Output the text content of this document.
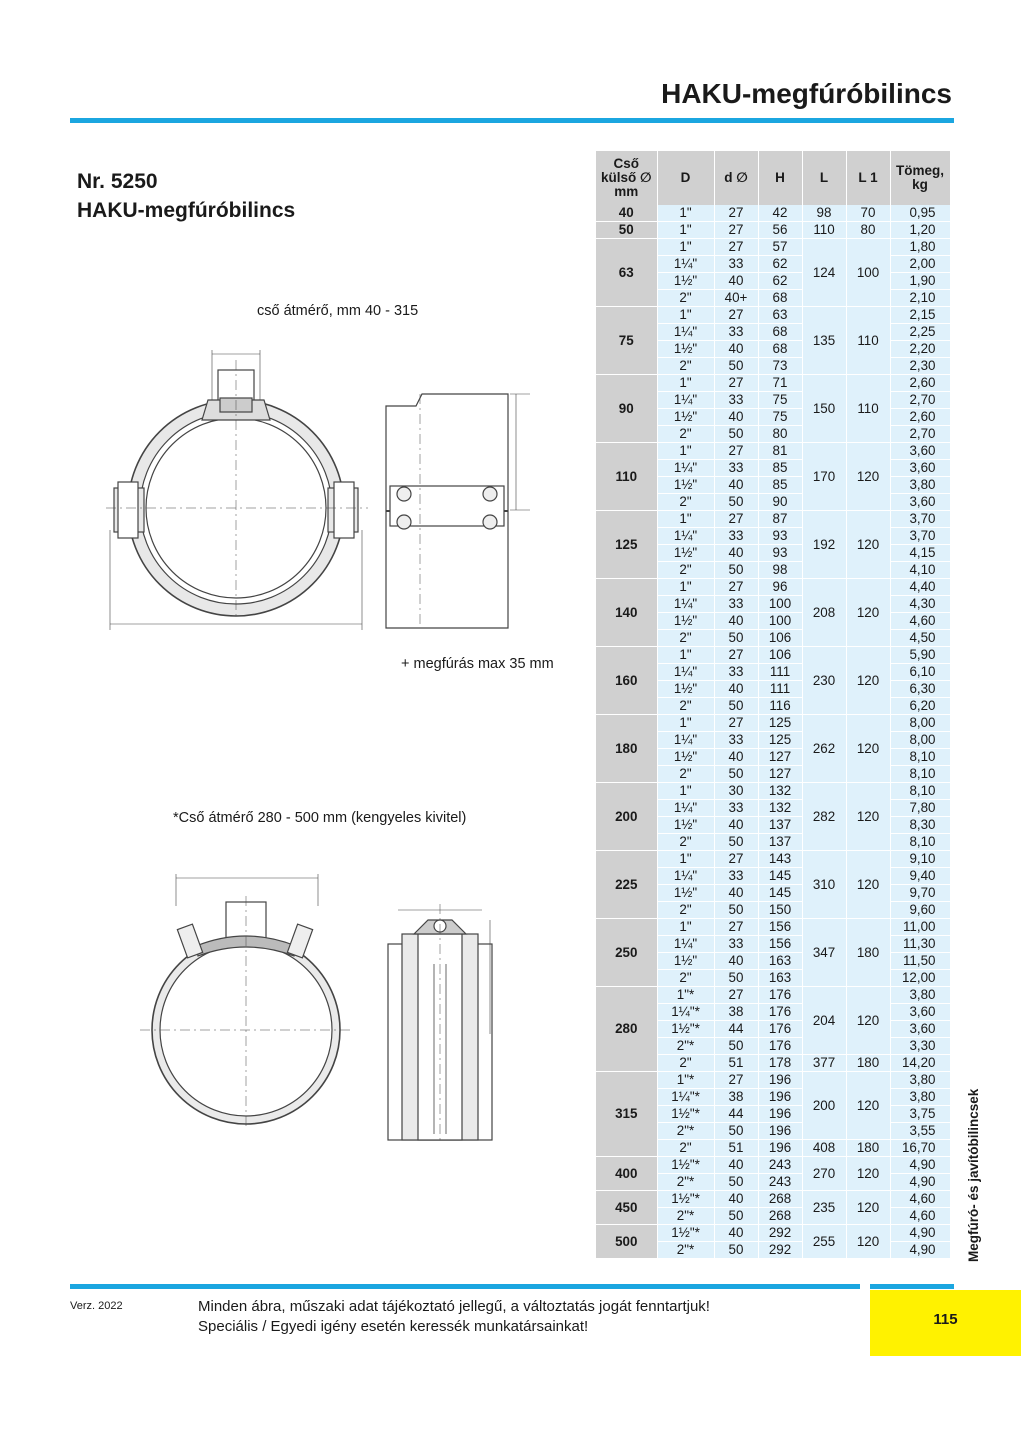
HAKU-megfúróbilincs
Nr. 5250
HAKU-megfúróbilincs
cső átmérő, mm 40 - 315
+ megfúrás max 35 mm
*Cső átmérő 280 - 500 mm (kengyeles kivitel)
Cső külső ∅ mm	D	d ∅	H	L	L 1	Tömeg, kg
40	1"	27	42	98	70	0,95
50	1"	27	56	110	80	1,20
63	1"	27	57	124	100	1,80
	1¼"	33	62			2,00
	1½"	40	62			1,90
	2"	40+	68			2,10
75	1"	27	63	135	110	2,15
	1¼"	33	68			2,25
	1½"	40	68			2,20
	2"	50	73			2,30
90	1"	27	71	150	110	2,60
	1¼"	33	75			2,70
	1½"	40	75			2,60
	2"	50	80			2,70
110	1"	27	81	170	120	3,60
	1¼"	33	85			3,60
	1½"	40	85			3,80
	2"	50	90			3,60
125	1"	27	87	192	120	3,70
	1¼"	33	93			3,70
	1½"	40	93			4,15
	2"	50	98			4,10
140	1"	27	96	208	120	4,40
	1¼"	33	100			4,30
	1½"	40	100			4,60
	2"	50	106			4,50
160	1"	27	106	230	120	5,90
	1¼"	33	111			6,10
	1½"	40	111			6,30
	2"	50	116			6,20
180	1"	27	125	262	120	8,00
	1¼"	33	125			8,00
	1½"	40	127			8,10
	2"	50	127			8,10
200	1"	30	132	282	120	8,10
	1¼"	33	132			7,80
	1½"	40	137			8,30
	2"	50	137			8,10
225	1"	27	143	310	120	9,10
	1¼"	33	145			9,40
	1½"	40	145			9,70
	2"	50	150			9,60
250	1"	27	156	347	180	11,00
	1¼"	33	156			11,30
	1½"	40	163			11,50
	2"	50	163			12,00
280	1"*	27	176	204	120	3,80
	1¼"*	38	176			3,60
	1½"*	44	176			3,60
	2"*	50	176			3,30
	2"	51	178	377	180	14,20
315	1"*	27	196	200	120	3,80
	1¼"*	38	196			3,80
	1½"*	44	196			3,75
	2"*	50	196			3,55
	2"	51	196	408	180	16,70
400	1½"*	40	243	270	120	4,90
	2"*	50	243			4,90
450	1½"*	40	268	235	120	4,60
	2"*	50	268			4,60
500	1½"*	40	292	255	120	4,90
	2"*	50	292			4,90 Megfúró- és javítóbilincsek
115
Verz. 2022	Minden ábra, műszaki adat tájékoztató jellegű, a változtatás jogát fenntartjuk!
Speciális / Egyedi igény esetén keressék munkatársainkat!
